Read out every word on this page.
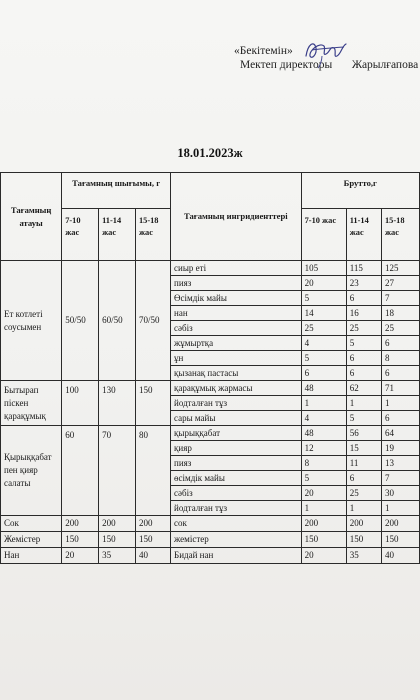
«Бекітемін»
Мектеп директоры Жарылғапова
18.01.2023ж
Тағамның атауы	Тағамның шығымы, г			Тағамның ингридиенттері	Брутто,г		
	7-10 жас	11-14 жас	15-18 жас		7-10 жас	11-14 жас	15-18 жас
Ет котлеті соусымен	50/50	60/50	70/50	сиыр еті	105	115	125
				пияз	20	23	27
				Өсімдік майы	5	6	7
				нан	14	16	18
				сәбіз	25	25	25
				жұмыртқа	4	5	6
				ұн	5	6	8
				қызанақ пастасы	6	6	6
Бытырап піскен қарақұмық	100	130	150	қарақұмық жармасы	48	62	71
				йодталған тұз	1	1	1
				сары майы	4	5	6
Қырыққабат пен қияр салаты	60	70	80	қырыққабат	48	56	64
				қияр	12	15	19
				пияз	8	11	13
				өсімдік майы	5	6	7
				сәбіз	20	25	30
				йодталған тұз	1	1	1
Сок	200	200	200	сок	200	200	200
Жемістер	150	150	150	жемістер	150	150	150
Нан	20	35	40	Бидай нан	20	35	40
